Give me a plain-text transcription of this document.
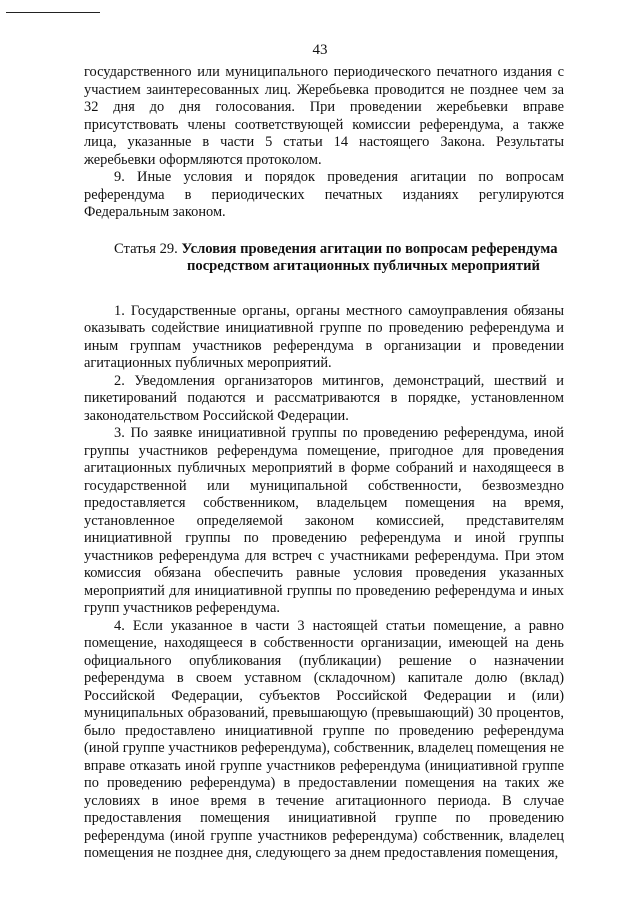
43

государственного или муниципального периодического печатного издания с участием заинтересованных лиц. Жеребьевка проводится не позднее чем за 32 дня до дня голосования. При проведении жеребьевки вправе присутствовать члены соответствующей комиссии референдума, а также лица, указанные в части 5 статьи 14 настоящего Закона. Результаты жеребьевки оформляются протоколом.

9. Иные условия и порядок проведения агитации по вопросам референдума в периодических печатных изданиях регулируются Федеральным законом.

Статья 29. Условия проведения агитации по вопросам референдума
посредством агитационных публичных мероприятий

1. Государственные органы, органы местного самоуправления обязаны оказывать содействие инициативной группе по проведению референдума и иным группам участников референдума в организации и проведении агитационных публичных мероприятий.

2. Уведомления организаторов митингов, демонстраций, шествий и пикетирований подаются и рассматриваются в порядке, установленном законодательством Российской Федерации.

3. По заявке инициативной группы по проведению референдума, иной группы участников референдума помещение, пригодное для проведения агитационных публичных мероприятий в форме собраний и находящееся в государственной или муниципальной собственности, безвозмездно предоставляется собственником, владельцем помещения на время, установленное определяемой законом комиссией, представителям инициативной группы по проведению референдума и иной группы участников референдума для встреч с участниками референдума. При этом комиссия обязана обеспечить равные условия проведения указанных мероприятий для инициативной группы по проведению референдума и иных групп участников референдума.

4. Если указанное в части 3 настоящей статьи помещение, а равно помещение, находящееся в собственности организации, имеющей на день официального опубликования (публикации) решение о назначении референдума в своем уставном (складочном) капитале долю (вклад) Российской Федерации, субъектов Российской Федерации и (или) муниципальных образований, превышающую (превышающий) 30 процентов, было предоставлено инициативной группе по проведению референдума (иной группе участников референдума), собственник, владелец помещения не вправе отказать иной группе участников референдума (инициативной группе по проведению референдума) в предоставлении помещения на таких же условиях в иное время в течение агитационного периода. В случае предоставления помещения инициативной группе по проведению референдума (иной группе участников референдума) собственник, владелец помещения не позднее дня, следующего за днем предоставления помещения,
